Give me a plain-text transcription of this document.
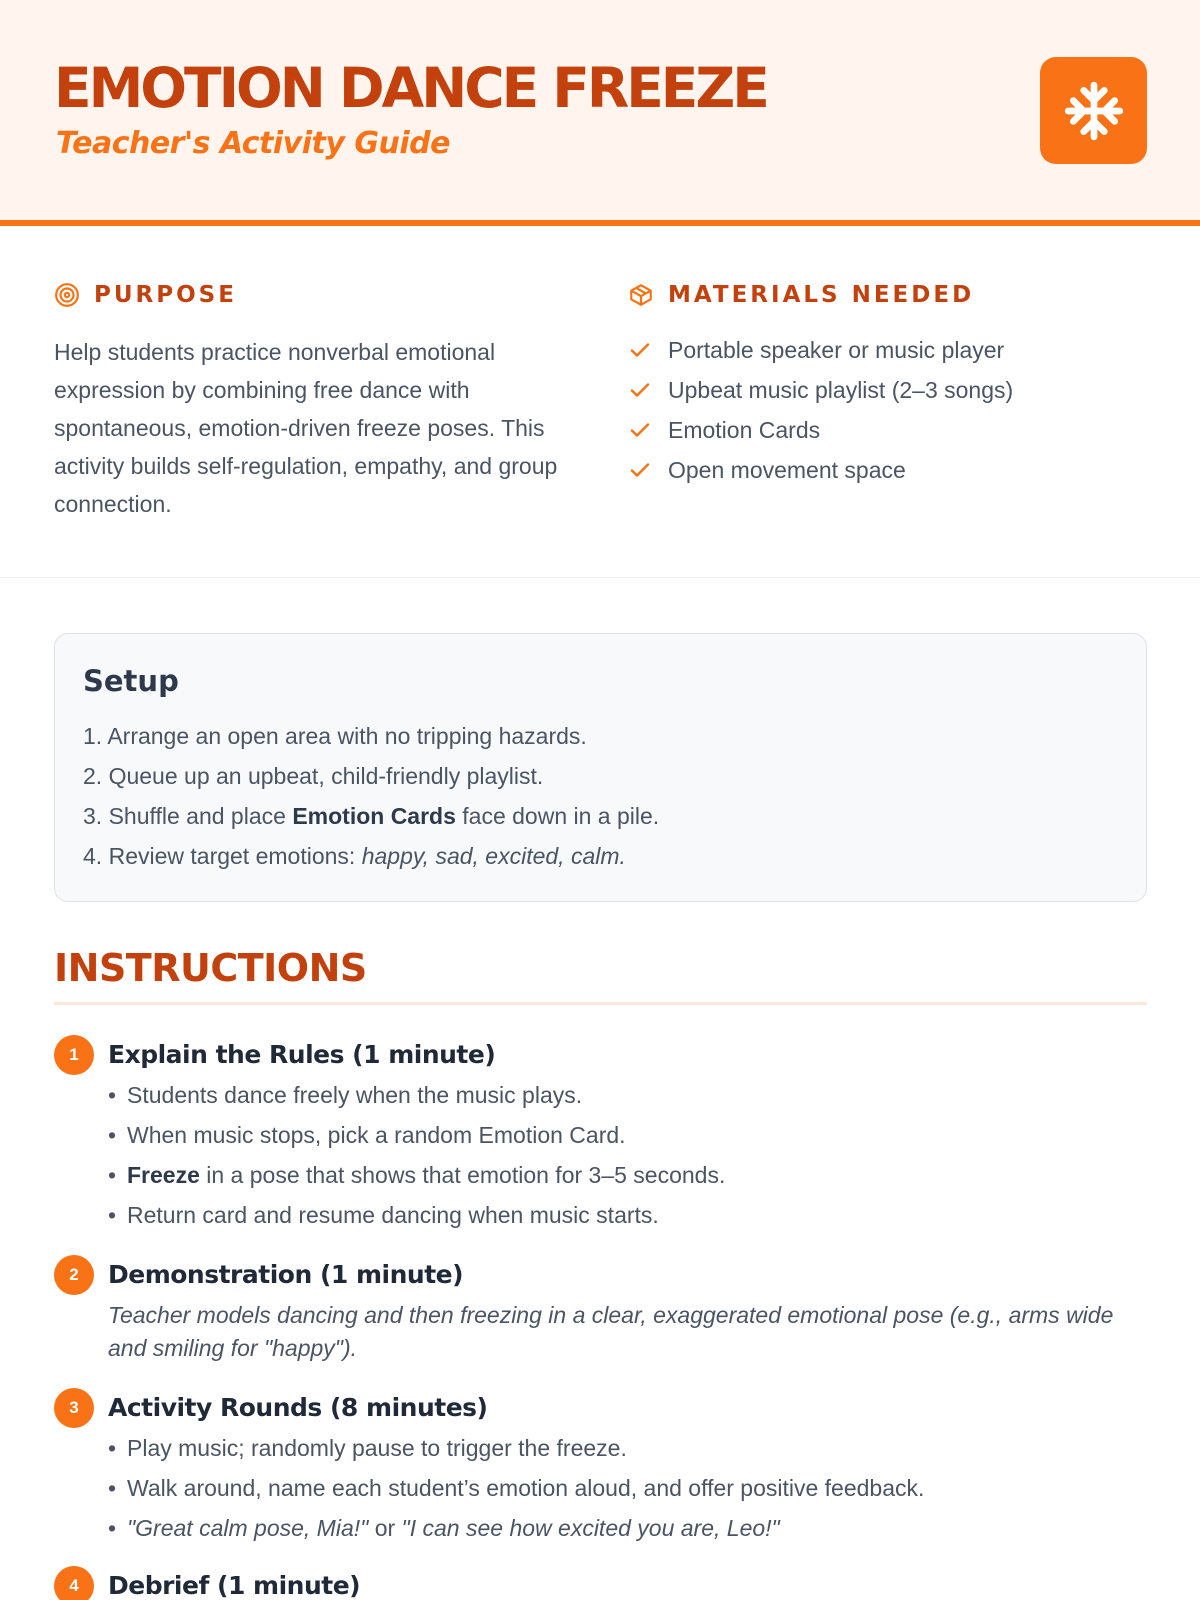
EMOTION DANCE FREEZE
Teacher's Activity Guide
PURPOSE

Help students practice nonverbal emotional expression by combining free dance with spontaneous, emotion-driven freeze poses. This activity builds self-regulation, empathy, and group connection.

MATERIALS NEEDED
Portable speaker or music player
Upbeat music playlist (2–3 songs)
Emotion Cards
Open movement space
Setup
1. Arrange an open area with no tripping hazards.
2. Queue up an upbeat, child-friendly playlist.
3. Shuffle and place Emotion Cards face down in a pile.
4. Review target emotions: happy, sad, excited, calm.
INSTRUCTIONS
1	Explain the Rules (1 minute)
• Students dance freely when the music plays.
• When music stops, pick a random Emotion Card.
• Freeze in a pose that shows that emotion for 3–5 seconds.
• Return card and resume dancing when music starts.
2	Demonstration (1 minute)

Teacher models dancing and then freezing in a clear, exaggerated emotional pose (e.g., arms wide and smiling for "happy").

3	Activity Rounds (8 minutes)
• Play music; randomly pause to trigger the freeze.
• Walk around, name each student’s emotion aloud, and offer positive feedback.
• "Great calm pose, Mia!" or "I can see how excited you are, Leo!"
4	Debrief (1 minute)
